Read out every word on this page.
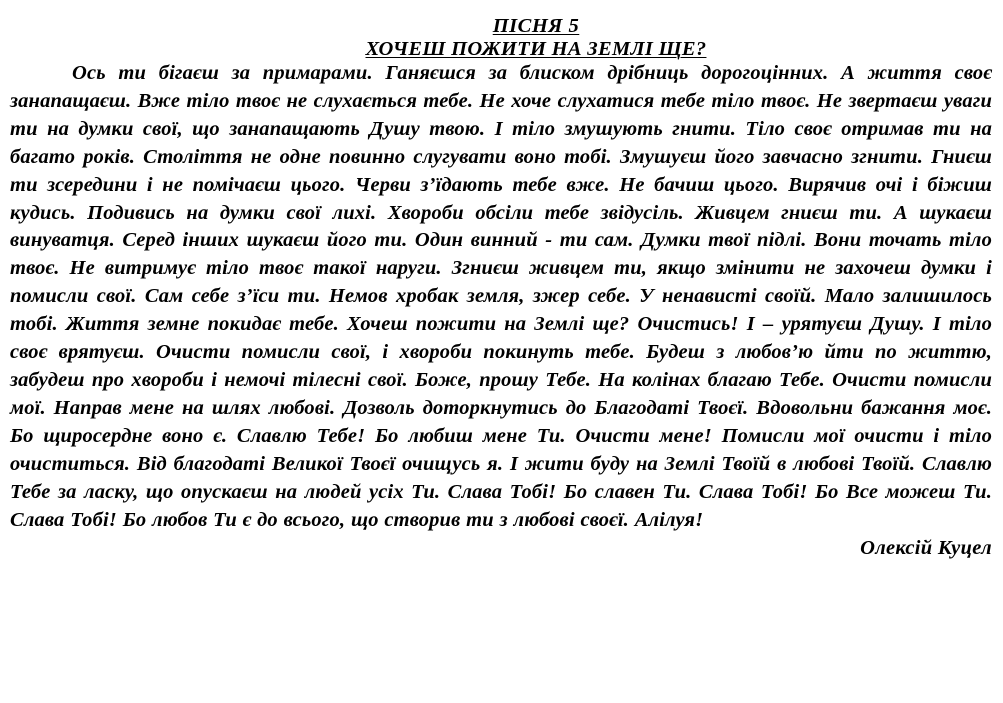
ПІСНЯ 5

ХОЧЕШ ПОЖИТИ НА ЗЕМЛІ ЩЕ?

Ось ти бігаєш за примарами. Ганяєшся за блиском дрібниць дорогоцінних. А життя своє занапащаєш. Вже тіло твоє не слухається тебе. Не хоче слухатися тебе тіло твоє. Не звертаєш уваги ти на думки свої, що занапащають Душу твою. І тіло змушують гнити. Тіло своє отримав ти на багато років. Століття не одне повинно слугувати воно тобі. Змушуєш його завчасно згнити. Гниєш ти зсередини і не помічаєш цього. Черви з’їдають тебе вже. Не бачиш цього. Вирячив очі і біжиш кудись. Подивись на думки свої лихі. Хвороби обсіли тебе звідусіль. Живцем гниєш ти. А шукаєш винуватця. Серед інших шукаєш його ти. Один винний - ти сам. Думки твої підлі. Вони точать тіло твоє. Не витримує тіло твоє такої наруги. Згниєш живцем ти, якщо змінити не захочеш думки і помисли свої. Сам себе з’їси ти. Немов хробак земля, зжер себе. У ненависті своїй. Мало залишилось тобі. Життя земне покидає тебе. Хочеш пожити на Землі ще? Очистись! І – урятуєш Душу. І тіло своє врятуєш. Очисти помисли свої, і хвороби покинуть тебе. Будеш з любов’ю йти по життю, забудеш про хвороби і немочі тілесні свої. Боже, прошу Тебе. На колінах благаю Тебе. Очисти помисли мої. Направ мене на шлях любові. Дозволь доторкнутись до Благодаті Твоєї. Вдовольни бажання моє. Бо щиросердне воно є. Славлю Тебе! Бо любиш мене Ти. Очисти мене! Помисли мої очисти і тіло очиститься. Від благодаті Великої Твоєї очищусь я. І жити буду на Землі Твоїй в любові Твоїй. Славлю Тебе за ласку, що опускаєш на людей усіх Ти. Слава Тобі! Бо славен Ти. Слава Тобі! Бо Все можеш Ти. Слава Тобі! Бо любов Ти є до всього, що створив ти з любові своєї. Алілуя!

Олексій Куцел
